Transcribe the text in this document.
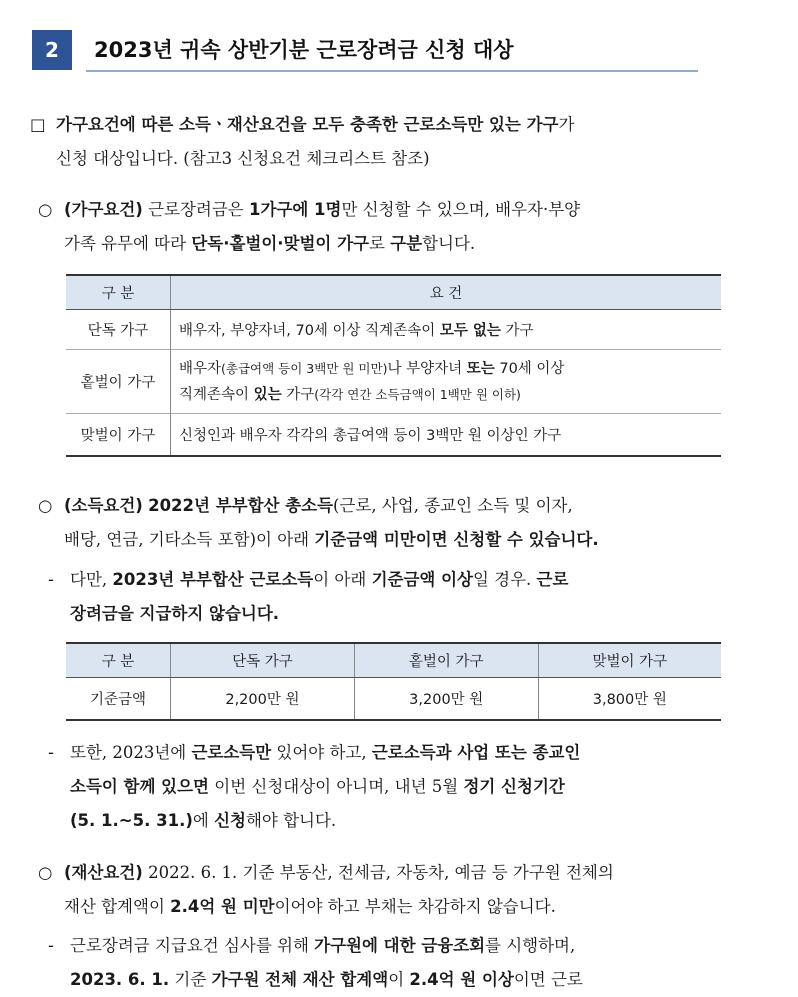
2	2023년 귀속 상반기분 근로장려금 신청 대상
□ 가구요건에 따른 소득ㆍ재산요건을 모두 충족한 근로소득만 있는 가구가
신청 대상입니다. (참고3 신청요건 체크리스트 참조)
○ (가구요건) 근로장려금은 1가구에 1명만 신청할 수 있으며, 배우자·부양
가족 유무에 따라 단독·홑벌이·맞벌이 가구로 구분합니다.
구 분	요 건
단독 가구	배우자, 부양자녀, 70세 이상 직계존속이 모두 없는 가구
홑벌이 가구	배우자(총급여액 등이 3백만 원 미만)나 부양자녀 또는 70세 이상
직계존속이 있는 가구(각각 연간 소득금액이 1백만 원 이하)

맞벌이 가구	신청인과 배우자 각각의 총급여액 등이 3백만 원 이상인 가구
○ (소득요건) 2022년 부부합산 총소득(근로, 사업, 종교인 소득 및 이자,
배당, 연금, 기타소득 포함)이 아래 기준금액 미만이면 신청할 수 있습니다.
- 다만, 2023년 부부합산 근로소득이 아래 기준금액 이상일 경우. 근로
장려금을 지급하지 않습니다.
구 분	단독 가구	홑벌이 가구	맞벌이 가구
기준금액	2,200만 원	3,200만 원	3,800만 원
- 또한, 2023년에 근로소득만 있어야 하고, 근로소득과 사업 또는 종교인
소득이 함께 있으면 이번 신청대상이 아니며, 내년 5월 정기 신청기간
(5. 1.~5. 31.)에 신청해야 합니다.
○ (재산요건) 2022. 6. 1. 기준 부동산, 전세금, 자동차, 예금 등 가구원 전체의
재산 합계액이 2.4억 원 미만이어야 하고 부채는 차감하지 않습니다.
- 근로장려금 지급요건 심사를 위해 가구원에 대한 금융조회를 시행하며,
2023. 6. 1. 기준 가구원 전체 재산 합계액이 2.4억 원 이상이면 근로
